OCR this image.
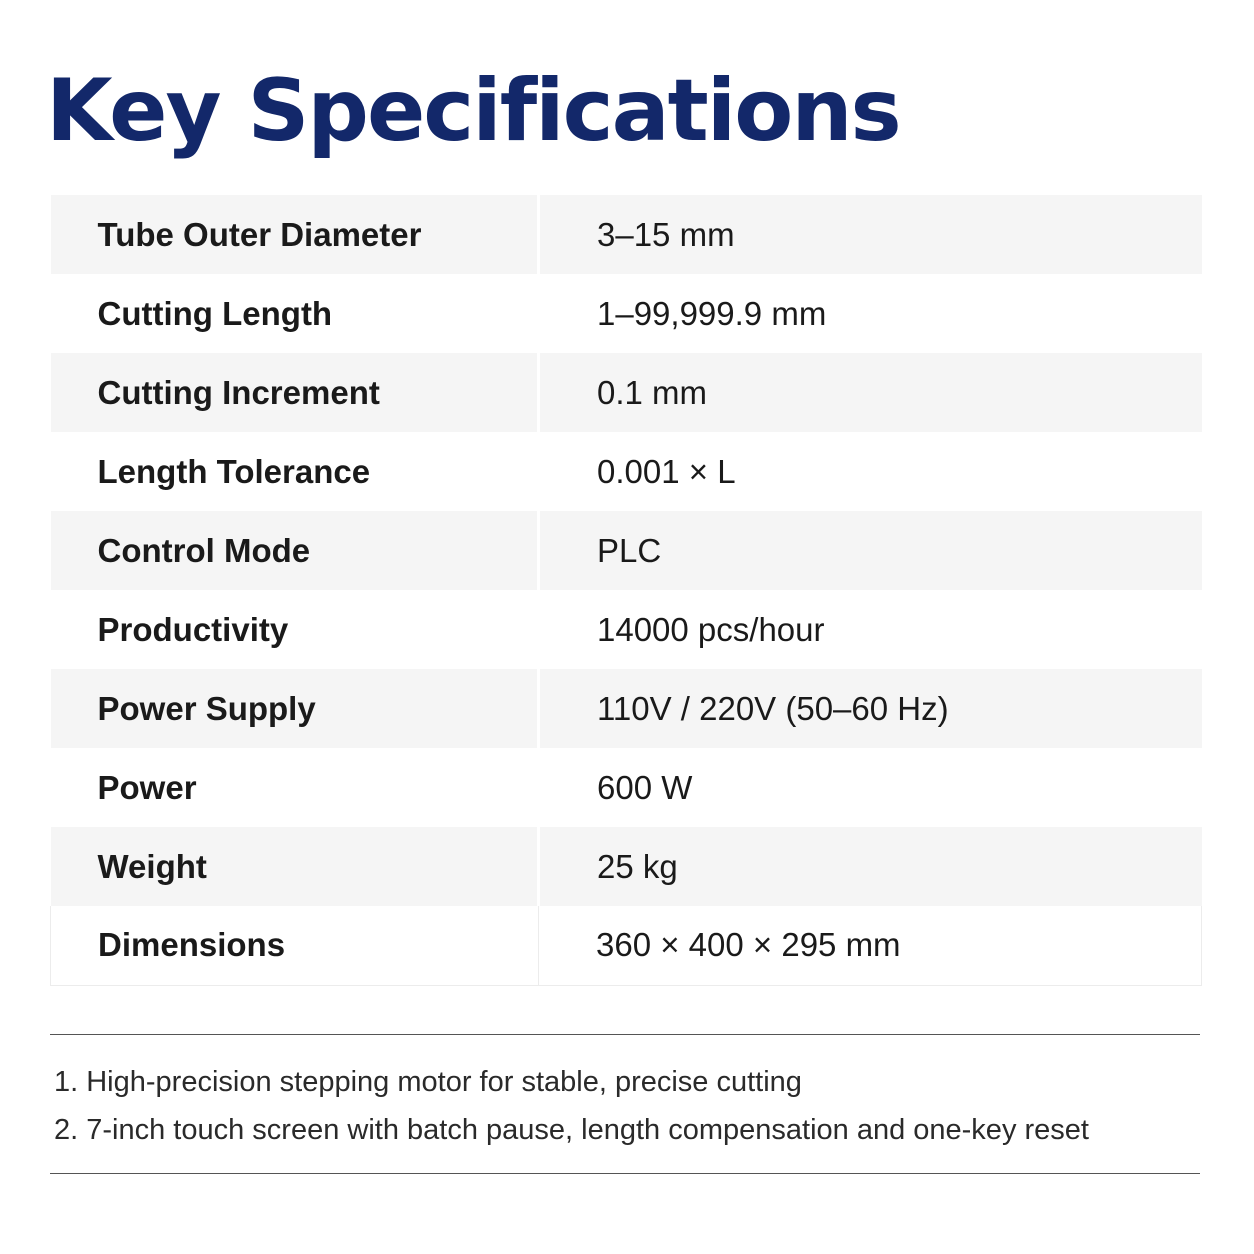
Key Specifications
Tube Outer Diameter	3–15 mm
Cutting Length	1–99,999.9 mm
Cutting Increment	0.1 mm
Length Tolerance	0.001 × L
Control Mode	PLC
Productivity	14000 pcs/hour
Power Supply	110V / 220V (50–60 Hz)
Power	600 W
Weight	25 kg
Dimensions	360 × 400 × 295 mm
1. High-precision stepping motor for stable, precise cutting
2. 7-inch touch screen with batch pause, length compensation and one-key reset
